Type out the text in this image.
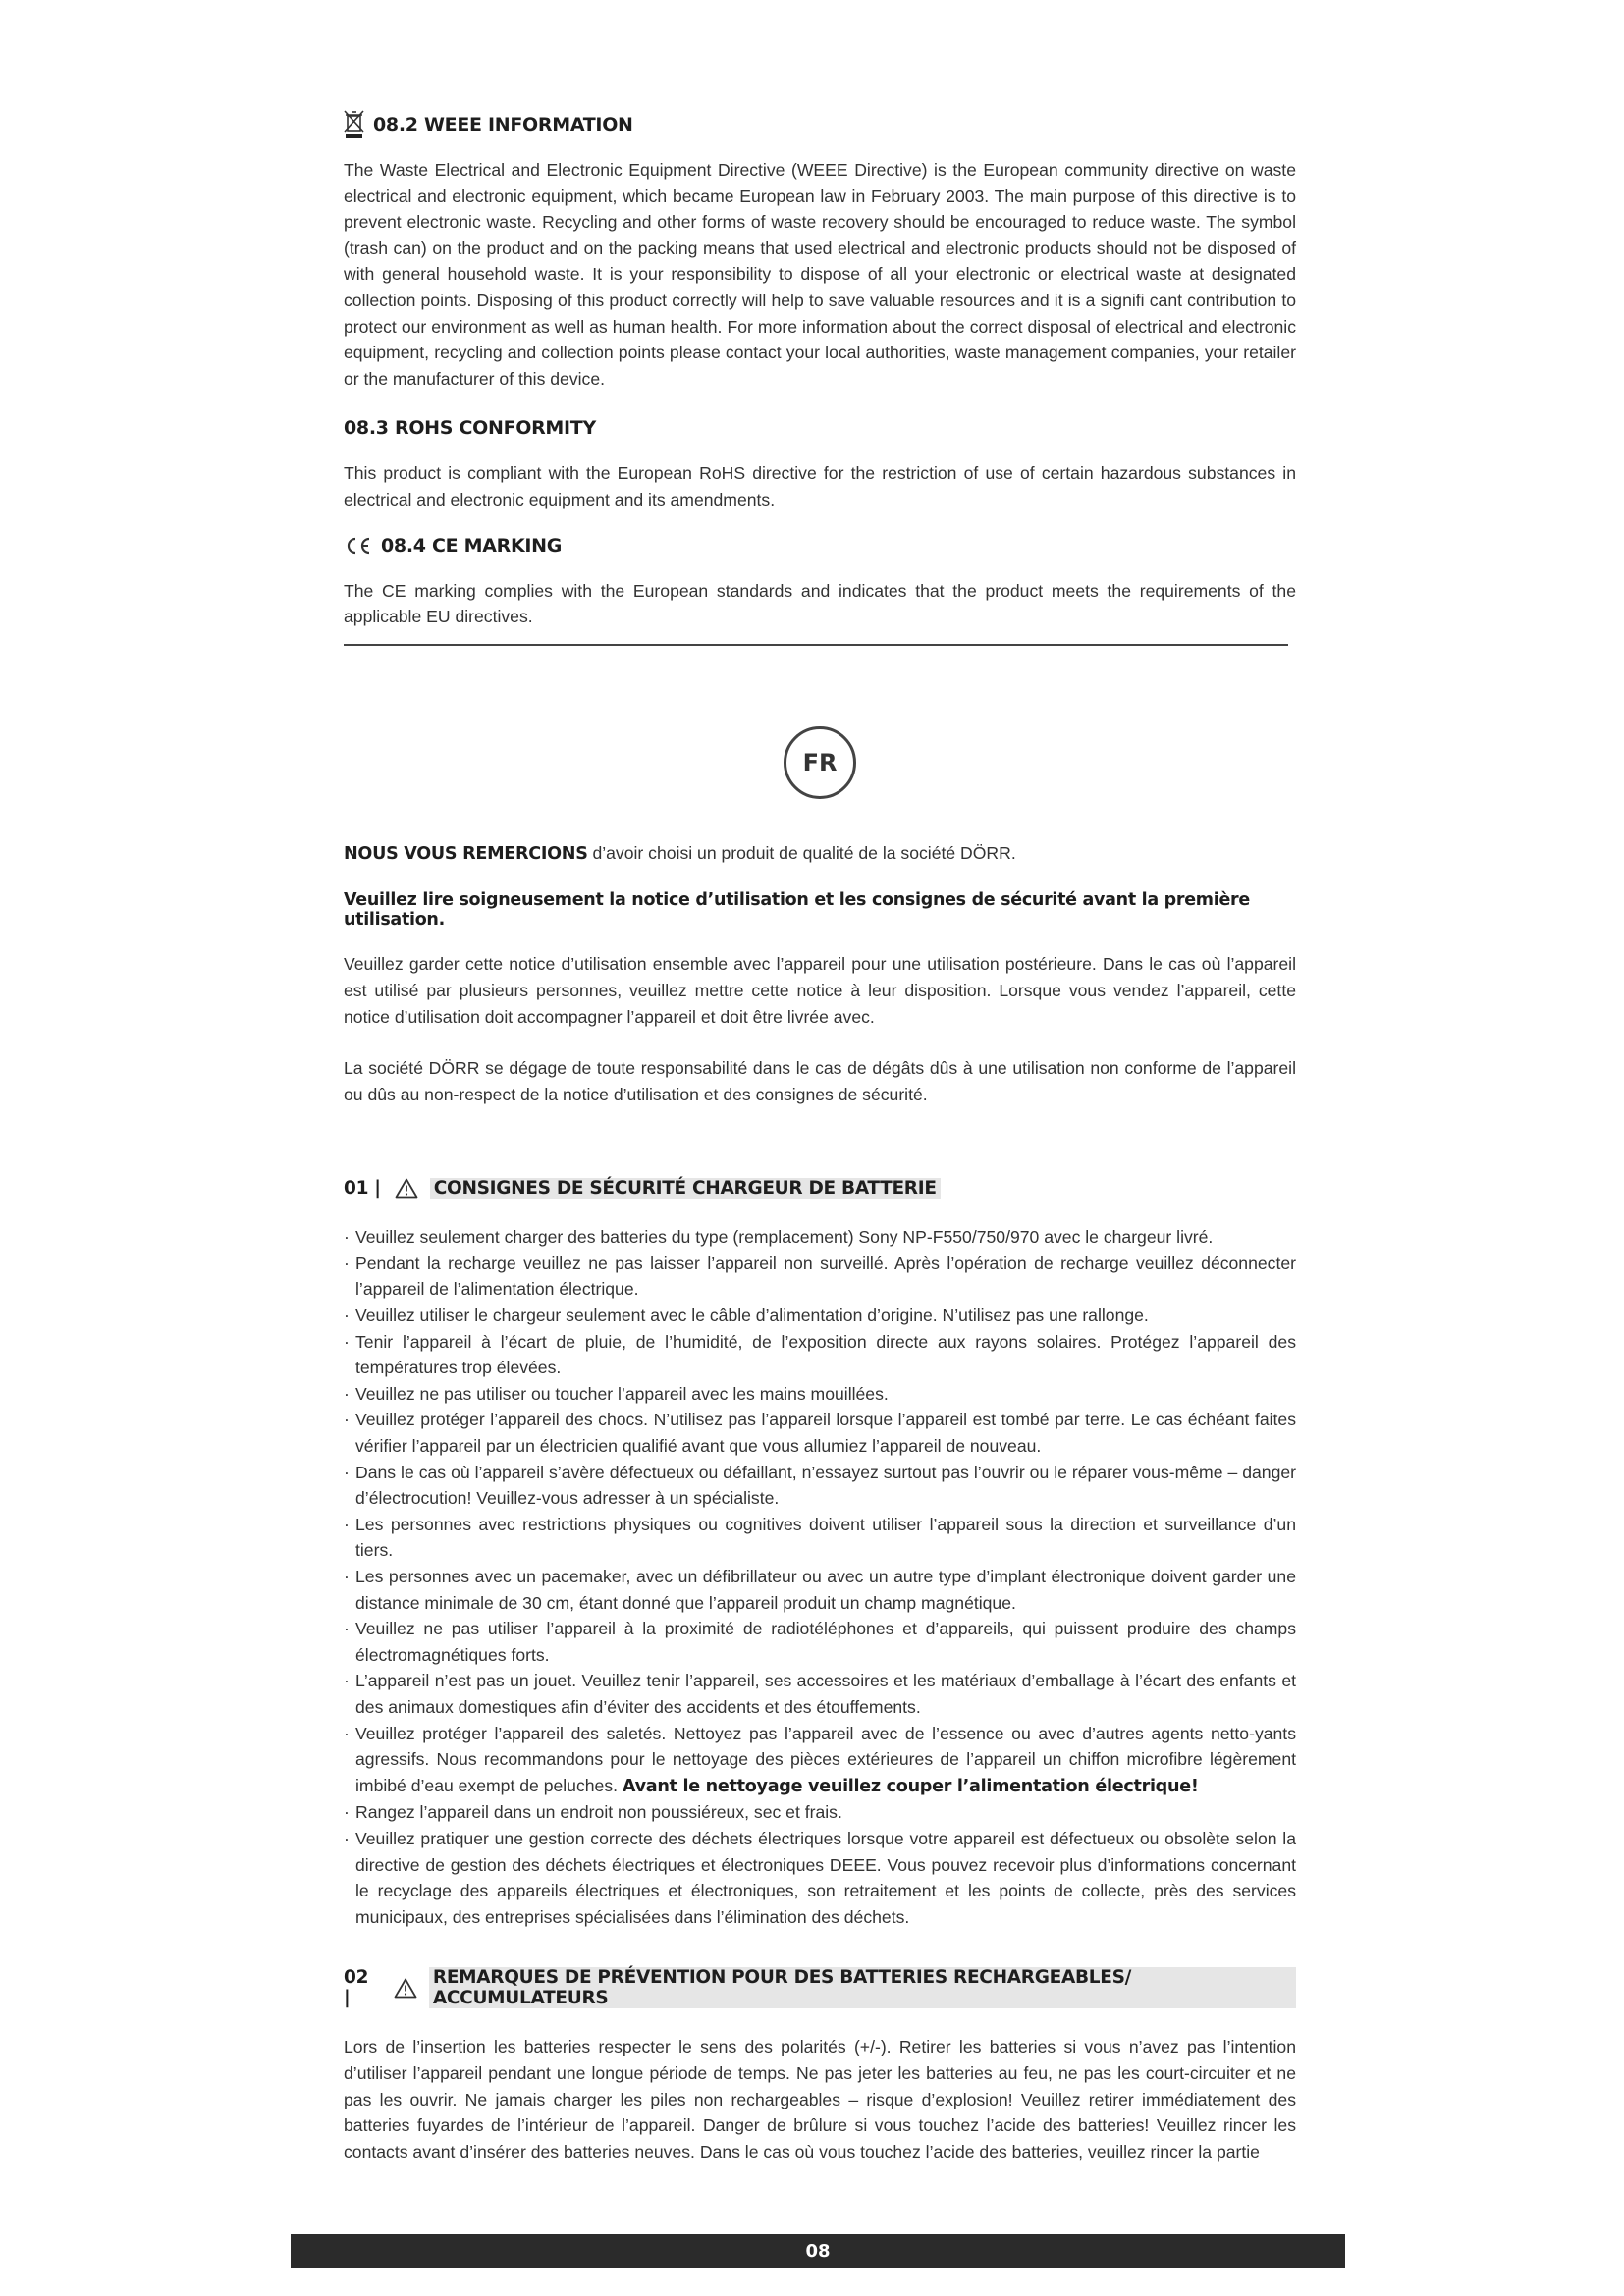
08.2 WEEE INFORMATION

The Waste Electrical and Electronic Equipment Directive (WEEE Directive) is the European community directive on waste electrical and electronic equipment, which became European law in February 2003. The main purpose of this directive is to prevent electronic waste. Recycling and other forms of waste recovery should be encouraged to reduce waste. The symbol (trash can) on the product and on the packing means that used electrical and electronic products should not be disposed of with general household waste. It is your responsibility to dispose of all your electronic or electrical waste at designated collection points. Disposing of this product correctly will help to save valuable resources and it is a signifi cant contribution to protect our environment as well as human health. For more information about the correct disposal of electrical and electronic equipment, recycling and collection points please contact your local authorities, waste management companies, your retailer or the manufacturer of this device.

08.3 ROHS CONFORMITY

This product is compliant with the European RoHS directive for the restriction of use of certain hazardous substances in electrical and electronic equipment and its amendments.

08.4 CE MARKING

The CE marking complies with the European standards and indicates that the product meets the requirements of the applicable EU directives.

FR

NOUS VOUS REMERCIONS d’avoir choisi un produit de qualité de la société DÖRR.

Veuillez lire soigneusement la notice d’utilisation et les consignes de sécurité avant la première utilisation.

Veuillez garder cette notice d’utilisation ensemble avec l’appareil pour une utilisation postérieure. Dans le cas où l’appareil est utilisé par plusieurs personnes, veuillez mettre cette notice à leur disposition. Lorsque vous vendez l’appareil, cette notice d’utilisation doit accompagner l’appareil et doit être livrée avec.

La société DÖRR se dégage de toute responsabilité dans le cas de dégâts dûs à une utilisation non conforme de l’appareil ou dûs au non-respect de la notice d’utilisation et des consignes de sécurité.

01 |	CONSIGNES DE SÉCURITÉ CHARGEUR DE BATTERIE
· Veuillez seulement charger des batteries du type (remplacement) Sony NP-F550/750/970 avec le chargeur livré.
· Pendant la recharge veuillez ne pas laisser l’appareil non surveillé. Après l’opération de recharge veuillez déconnecter l’appareil de l’alimentation électrique.
· Veuillez utiliser le chargeur seulement avec le câble d’alimentation d’origine. N’utilisez pas une rallonge.
· Tenir l’appareil à l’écart de pluie, de l’humidité, de l’exposition directe aux rayons solaires. Protégez l’appareil des températures trop élevées.
· Veuillez ne pas utiliser ou toucher l’appareil avec les mains mouillées.
· Veuillez protéger l’appareil des chocs. N’utilisez pas l’appareil lorsque l’appareil est tombé par terre. Le cas échéant faites vérifier l’appareil par un électricien qualifié avant que vous allumiez l’appareil de nouveau.
· Dans le cas où l’appareil s’avère défectueux ou défaillant, n’essayez surtout pas l’ouvrir ou le réparer vous-même – danger d’électrocution! Veuillez-vous adresser à un spécialiste.
· Les personnes avec restrictions physiques ou cognitives doivent utiliser l’appareil sous la direction et surveillance d’un tiers.
· Les personnes avec un pacemaker, avec un défibrillateur ou avec un autre type d’implant électronique doivent garder une distance minimale de 30 cm, étant donné que l’appareil produit un champ magnétique.
· Veuillez ne pas utiliser l’appareil à la proximité de radiotéléphones et d’appareils, qui puissent produire des champs électromagnétiques forts.
· L’appareil n’est pas un jouet. Veuillez tenir l’appareil, ses accessoires et les matériaux d’emballage à l’écart des enfants et des animaux domestiques afin d’éviter des accidents et des étouffements.
· Veuillez protéger l’appareil des saletés. Nettoyez pas l’appareil avec de l’essence ou avec d’autres agents netto-yants agressifs. Nous recommandons pour le nettoyage des pièces extérieures de l’appareil un chiffon microfibre légèrement imbibé d’eau exempt de peluches. Avant le nettoyage veuillez couper l’alimentation électrique!
· Rangez l’appareil dans un endroit non poussiéreux, sec et frais.
· Veuillez pratiquer une gestion correcte des déchets électriques lorsque votre appareil est défectueux ou obsolète selon la directive de gestion des déchets électriques et électroniques DEEE. Vous pouvez recevoir plus d’informations concernant le recyclage des appareils électriques et électroniques, son retraitement et les points de collecte, près des services municipaux, des entreprises spécialisées dans l’élimination des déchets.
02 |
REMARQUES DE PRÉVENTION POUR DES BATTERIES RECHARGEABLES/ ACCUMULATEURS

Lors de l’insertion les batteries respecter le sens des polarités (+/-). Retirer les batteries si vous n’avez pas l’intention d’utiliser l’appareil pendant une longue période de temps. Ne pas jeter les batteries au feu, ne pas les court-circuiter et ne pas les ouvrir. Ne jamais charger les piles non rechargeables – risque d’explosion! Veuillez retirer immédiatement des batteries fuyardes de l’intérieur de l’appareil. Danger de brûlure si vous touchez l’acide des batteries! Veuillez rincer les contacts avant d’insérer des batteries neuves. Dans le cas où vous touchez l’acide des batteries, veuillez rincer la partie

08
